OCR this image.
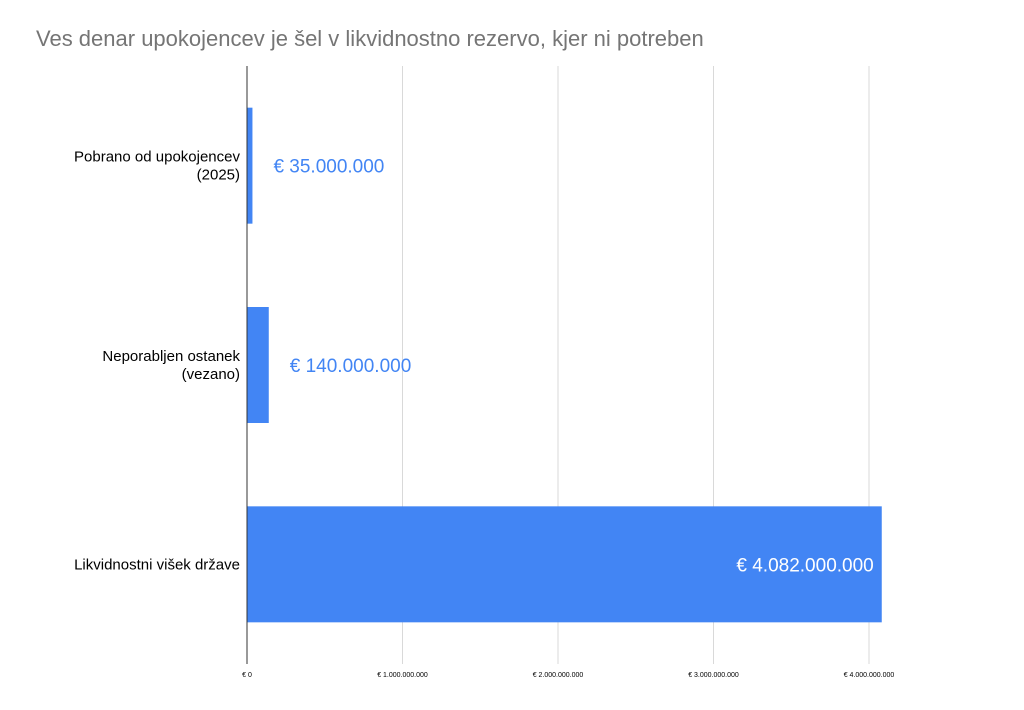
Ves denar upokojencev je šel v likvidnostno rezervo, kjer ni potreben
€ 0	€ 1.000.000.000	€ 2.000.000.000	€ 3.000.000.000	€ 4.000.000.000
Pobrano od upokojencev
(2025) € 35.000.000
Neporabljen ostanek
(vezano)	€ 140.000.000
Likvidnostni višek države	€ 4.082.000.000
